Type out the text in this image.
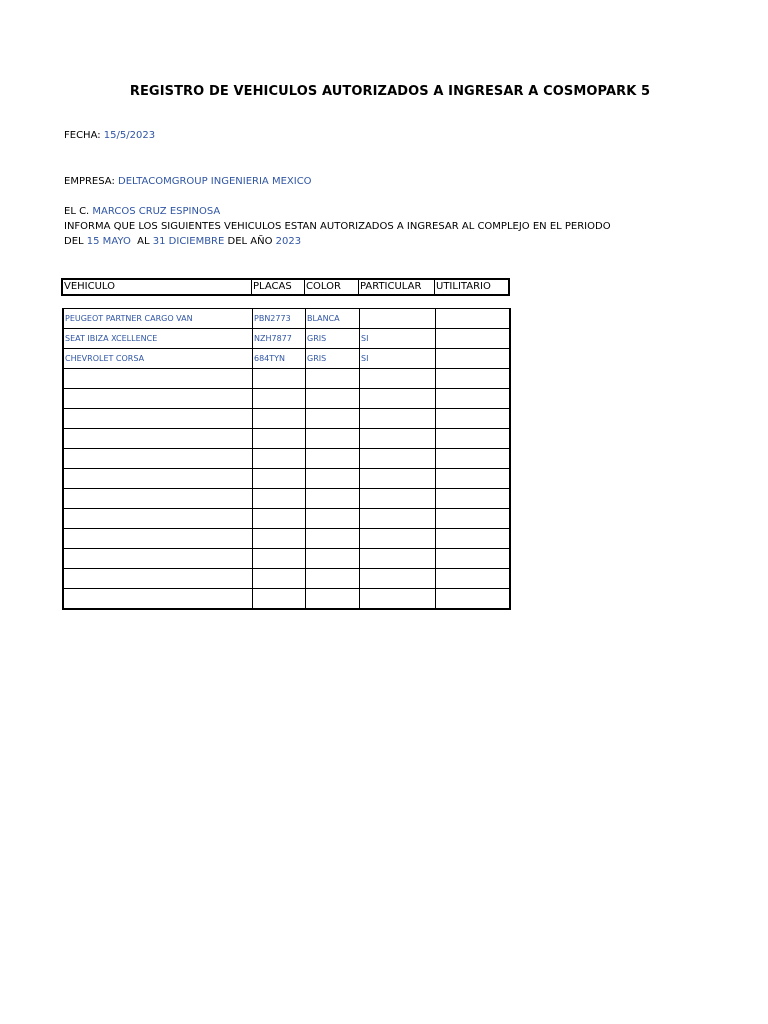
REGISTRO DE VEHICULOS AUTORIZADOS A INGRESAR A COSMOPARK 5
FECHA: 15/5/2023
EMPRESA: DELTACOMGROUP INGENIERIA MEXICO
EL C. MARCOS CRUZ ESPINOSA
INFORMA QUE LOS SIGUIENTES VEHICULOS ESTAN AUTORIZADOS A INGRESAR AL COMPLEJO EN EL PERIODO
DEL 15 MAYO  AL 31 DICIEMBRE DEL AÑO 2023
VEHICULO	PLACAS	COLOR	PARTICULAR	UTILITARIO
PEUGEOT PARTNER CARGO VAN	PBN2773	BLANCA		
SEAT IBIZA XCELLENCE	NZH7877	GRIS	SI	
CHEVROLET CORSA	684TYN	GRIS	SI	
